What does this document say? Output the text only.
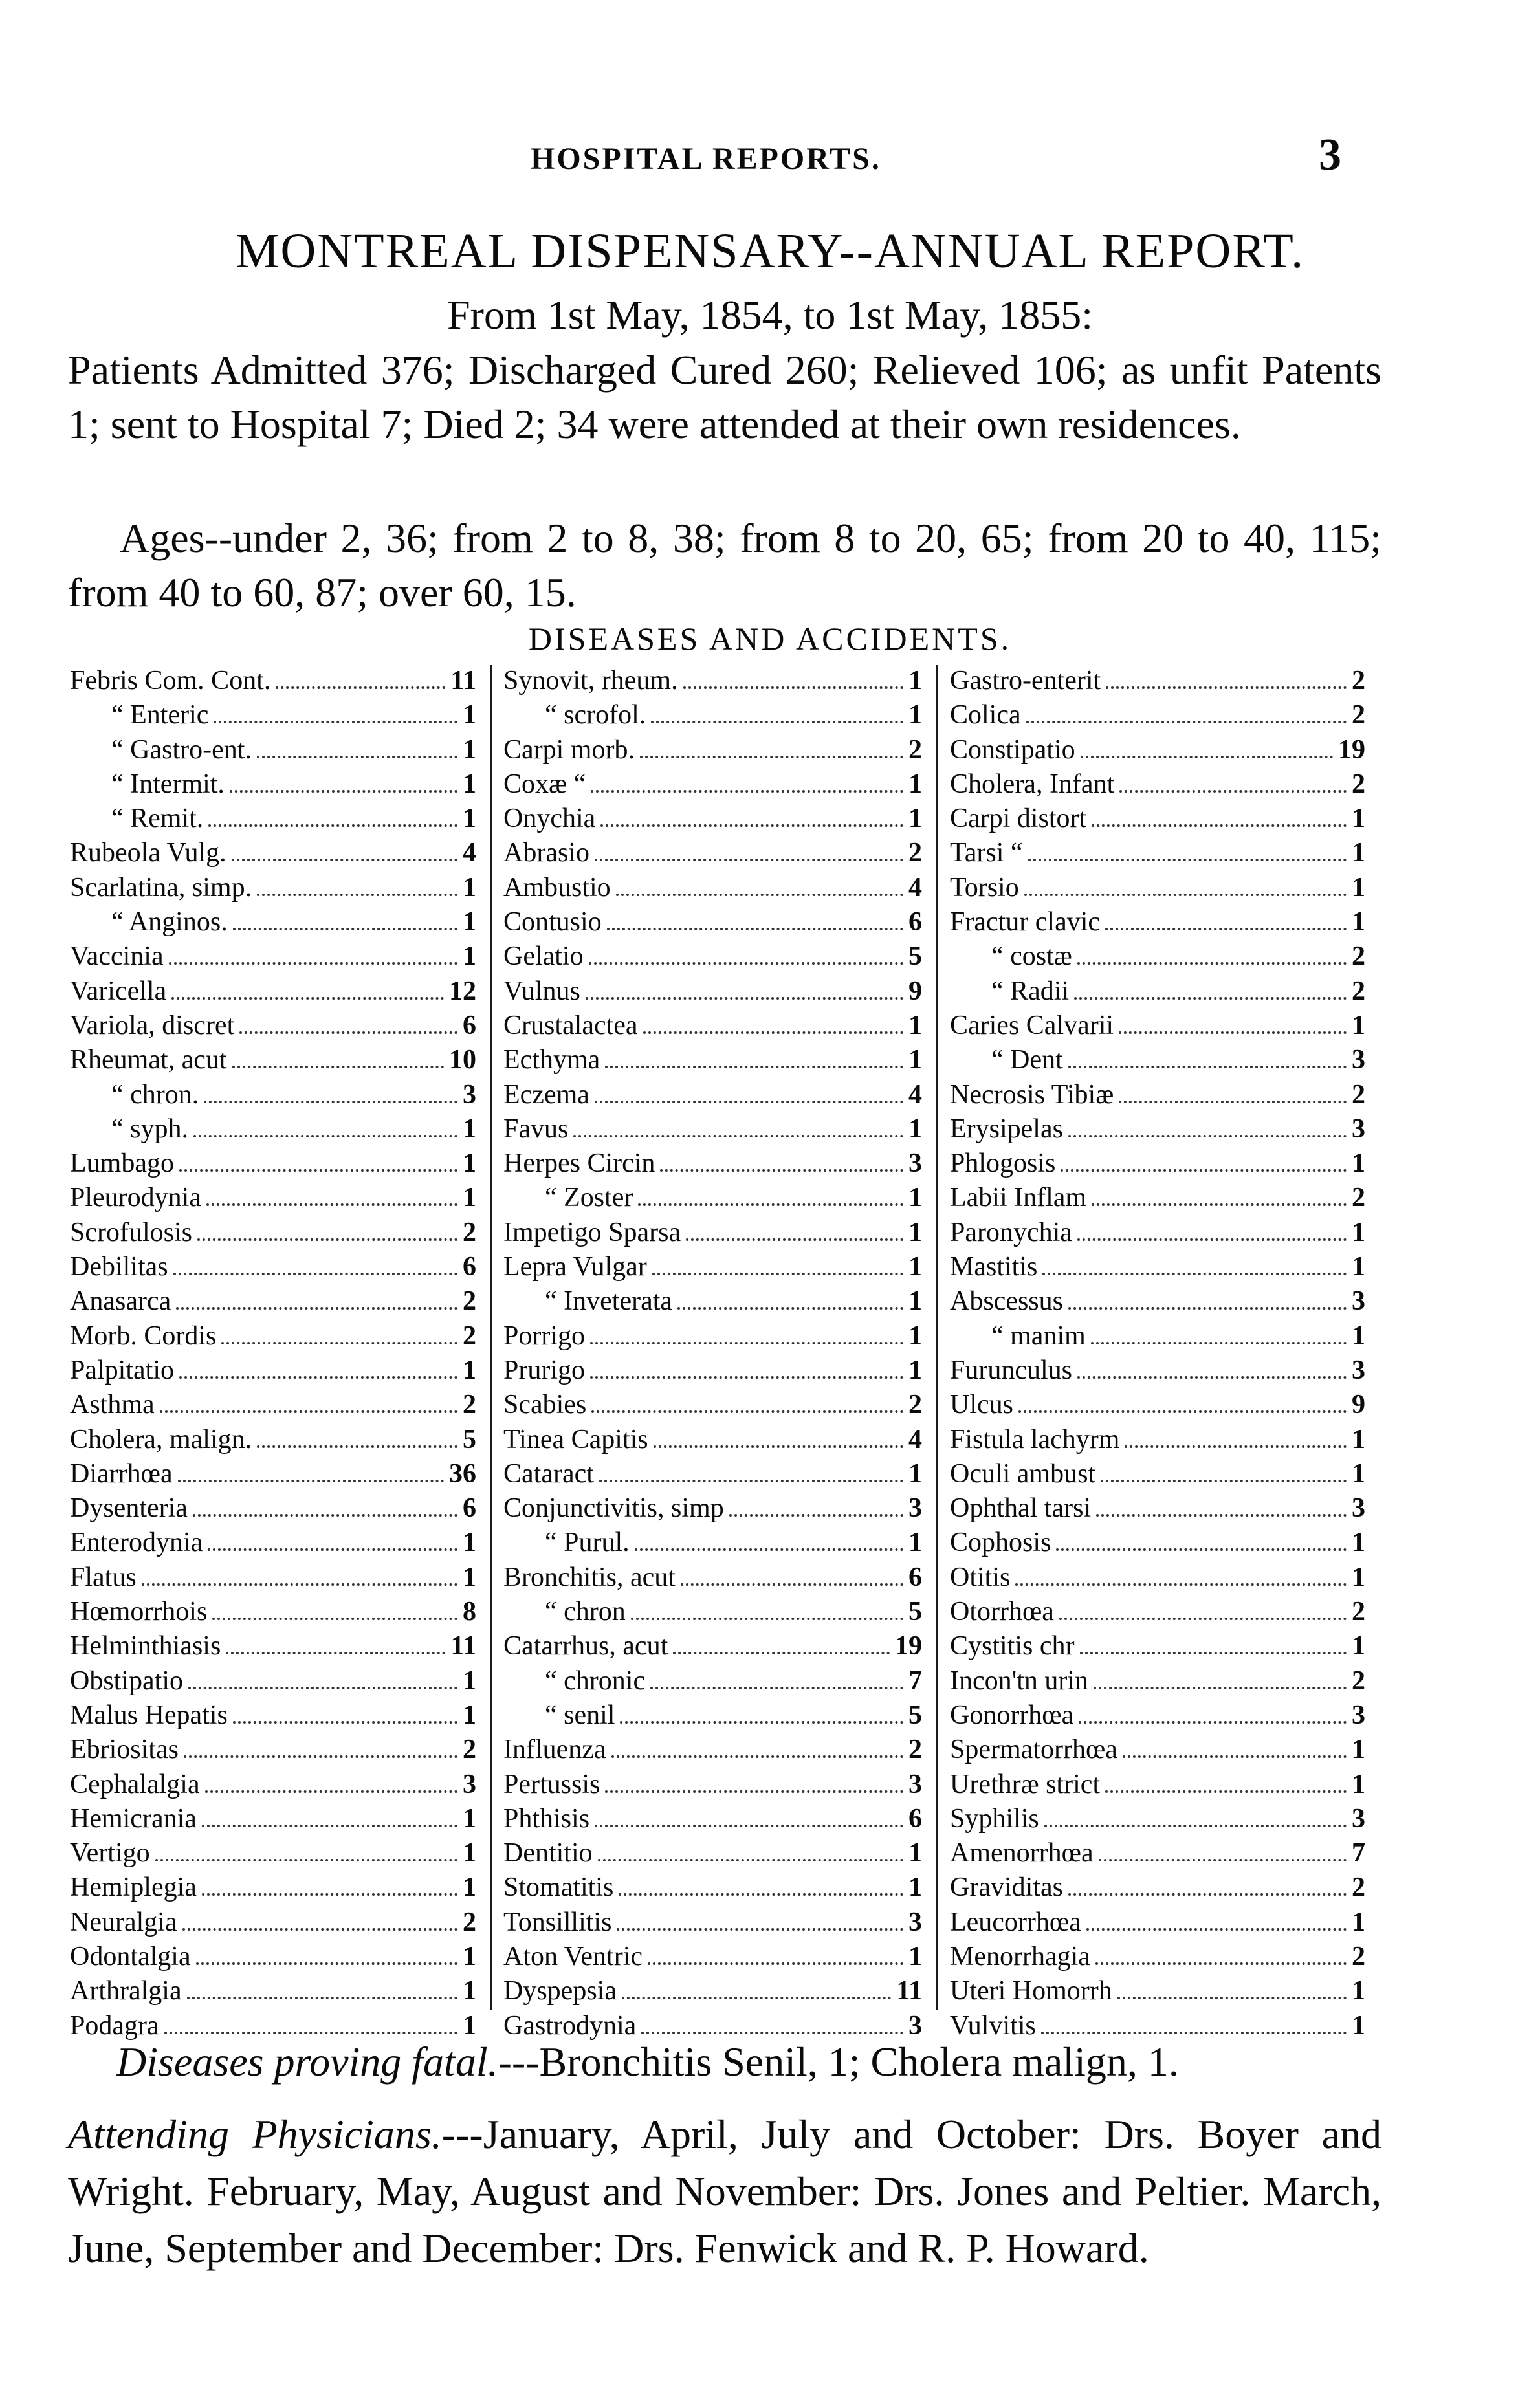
HOSPITAL REPORTS.	3
MONTREAL DISPENSARY--ANNUAL REPORT.
From 1st May, 1854, to 1st May, 1855:
Patients Admitted 376; Discharged Cured 260; Relieved 106; as unfit Patents 1; sent to Hospital 7; Died 2; 34 were attended at their own residences.
Ages--under 2, 36; from 2 to 8, 38; from 8 to 20, 65; from 20 to 40, 115; from 40 to 60, 87; over 60, 15.
DISEASES AND ACCIDENTS.
Febris Com. Cont.	11
“ Enteric	1
“ Gastro-ent.	1
“ Intermit.	1
“ Remit.	1
Rubeola Vulg.	4
Scarlatina, simp.	1
“ Anginos.	1
Vaccinia	1
Varicella	12
Variola, discret	6
Rheumat, acut	10
“ chron.	3
“ syph.	1
Lumbago	1
Pleurodynia	1
Scrofulosis	2
Debilitas	6
Anasarca	2
Morb. Cordis	2
Palpitatio	1
Asthma	2
Cholera, malign.	5
Diarrhœa	36
Dysenteria	6
Enterodynia	1
Flatus	1
Hœmorrhois	8
Helminthiasis	11
Obstipatio	1
Malus Hepatis	1
Ebriositas	2
Cephalalgia	3
Hemicrania	1
Vertigo	1
Hemiplegia	1
Neuralgia	2
Odontalgia	1
Arthralgia	1
Podagra	1
Synovit, rheum.	1
“ scrofol.	1
Carpi morb.	2
Coxæ “	1
Onychia	1
Abrasio	2
Ambustio	4
Contusio	6
Gelatio	5
Vulnus	9
Crustalactea	1
Ecthyma	1
Eczema	4
Favus	1
Herpes Circin	3
“ Zoster	1
Impetigo Sparsa	1
Lepra Vulgar	1
“ Inveterata	1
Porrigo	1
Prurigo	1
Scabies	2
Tinea Capitis	4
Cataract	1
Conjunctivitis, simp	3
“ Purul.	1
Bronchitis, acut	6
“ chron	5
Catarrhus, acut	19
“ chronic	7
“ senil	5
Influenza	2
Pertussis	3
Phthisis	6
Dentitio	1
Stomatitis	1
Tonsillitis	3
Aton Ventric	1
Dyspepsia	11
Gastrodynia	3
Gastro-enterit	2
Colica	2
Constipatio	19
Cholera, Infant	2
Carpi distort	1
Tarsi “	1
Torsio	1
Fractur clavic	1
“ costæ	2
“ Radii	2
Caries Calvarii	1
“ Dent	3
Necrosis Tibiæ	2
Erysipelas	3
Phlogosis	1
Labii Inflam	2
Paronychia	1
Mastitis	1
Abscessus	3
“ manim	1
Furunculus	3
Ulcus	9
Fistula lachyrm	1
Oculi ambust	1
Ophthal tarsi	3
Cophosis	1
Otitis	1
Otorrhœa	2
Cystitis chr	1
Incon'tn urin	2
Gonorrhœa	3
Spermatorrhœa	1
Urethræ strict	1
Syphilis	3
Amenorrhœa	7
Graviditas	2
Leucorrhœa	1
Menorrhagia	2
Uteri Homorrh	1
Vulvitis	1
Diseases proving fatal.---Bronchitis Senil, 1; Cholera malign, 1.
Attending Physicians.---January, April, July and October: Drs. Boyer and Wright. February, May, August and November: Drs. Jones and Peltier. March, June, September and December: Drs. Fenwick and R. P. Howard.
